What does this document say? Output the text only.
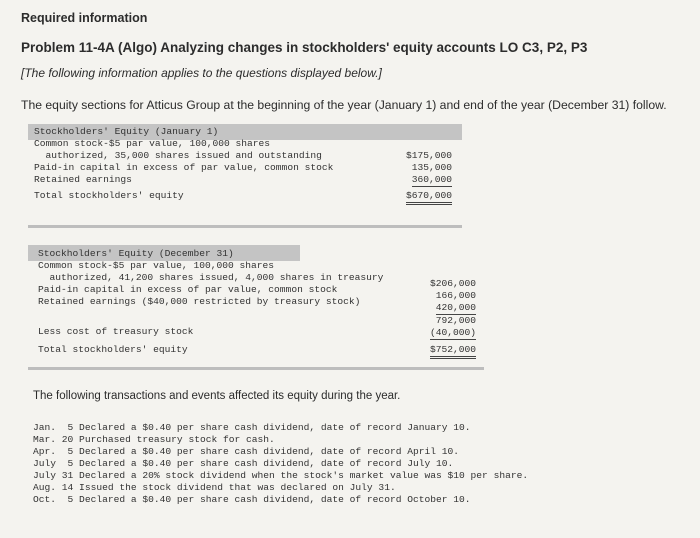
Required information
Problem 11-4A (Algo) Analyzing changes in stockholders' equity accounts LO C3, P2, P3
[The following information applies to the questions displayed below.]
The equity sections for Atticus Group at the beginning of the year (January 1) and end of the year (December 31) follow.
Stockholders' Equity (January 1)
Common stock-$5 par value, 100,000 shares
authorized, 35,000 shares issued and outstanding
Paid-in capital in excess of par value, common stock
Retained earnings
Total stockholders' equity
$175,000
135,000
360,000
$670,000
Stockholders' Equity (December 31)
Common stock-$5 par value, 100,000 shares
authorized, 41,200 shares issued, 4,000 shares in treasury
Paid-in capital in excess of par value, common stock
Retained earnings ($40,000 restricted by treasury stock)
Less cost of treasury stock
Total stockholders' equity
$206,000
166,000
420,000
792,000
(40,000)
$752,000
The following transactions and events affected its equity during the year.
Jan.  5 Declared a $0.40 per share cash dividend, date of record January 10.
Mar. 20 Purchased treasury stock for cash.
Apr.  5 Declared a $0.40 per share cash dividend, date of record April 10.
July  5 Declared a $0.40 per share cash dividend, date of record July 10.
July 31 Declared a 20% stock dividend when the stock's market value was $10 per share.
Aug. 14 Issued the stock dividend that was declared on July 31.
Oct.  5 Declared a $0.40 per share cash dividend, date of record October 10.
